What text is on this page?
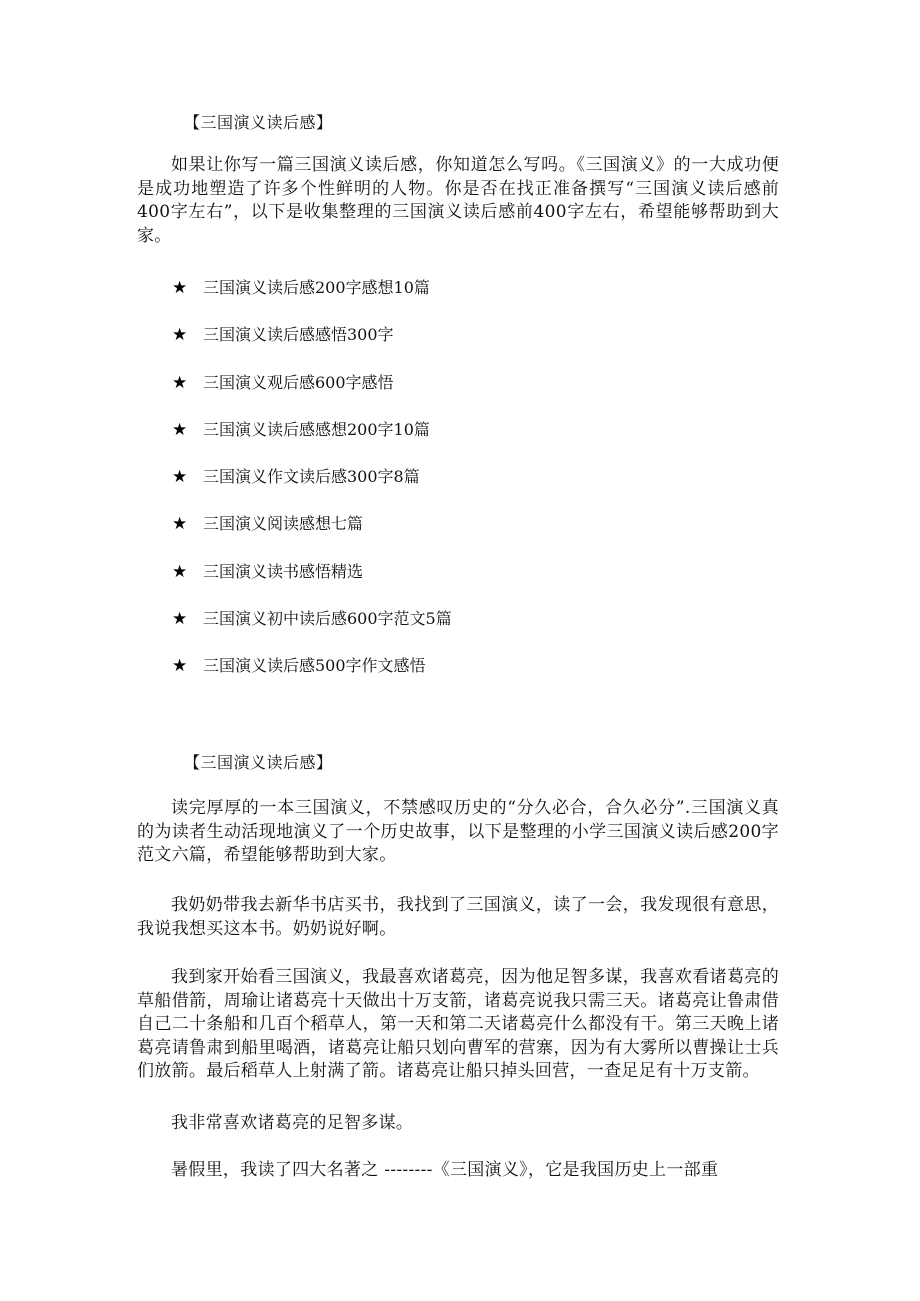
【三国演义读后感】

如果让你写一篇三国演义读后感，你知道怎么写吗。《三国演义》的一大成功便是成功地塑造了许多个性鲜明的人物。你是否在找正准备撰写“三国演义读后感前400字左右”，以下是收集整理的三国演义读后感前400字左右，希望能够帮助到大家。

★ 三国演义读后感200字感想10篇
★ 三国演义读后感感悟300字
★ 三国演义观后感600字感悟
★ 三国演义读后感感想200字10篇
★ 三国演义作文读后感300字8篇
★ 三国演义阅读感想七篇
★ 三国演义读书感悟精选
★ 三国演义初中读后感600字范文5篇
★ 三国演义读后感500字作文感悟
【三国演义读后感】

读完厚厚的一本三国演义，不禁感叹历史的“分久必合，合久必分”.三国演义真的为读者生动活现地演义了一个历史故事，以下是整理的小学三国演义读后感200字范文六篇，希望能够帮助到大家。

我奶奶带我去新华书店买书，我找到了三国演义，读了一会，我发现很有意思，我说我想买这本书。奶奶说好啊。

我到家开始看三国演义，我最喜欢诸葛亮，因为他足智多谋，我喜欢看诸葛亮的草船借箭，周瑜让诸葛亮十天做出十万支箭，诸葛亮说我只需三天。诸葛亮让鲁肃借自己二十条船和几百个稻草人，第一天和第二天诸葛亮什么都没有干。第三天晚上诸葛亮请鲁肃到船里喝酒，诸葛亮让船只划向曹军的营寨，因为有大雾所以曹操让士兵们放箭。最后稻草人上射满了箭。诸葛亮让船只掉头回营，一查足足有十万支箭。

我非常喜欢诸葛亮的足智多谋。

暑假里，我读了四大名著之 --------《三国演义》，它是我国历史上一部重
